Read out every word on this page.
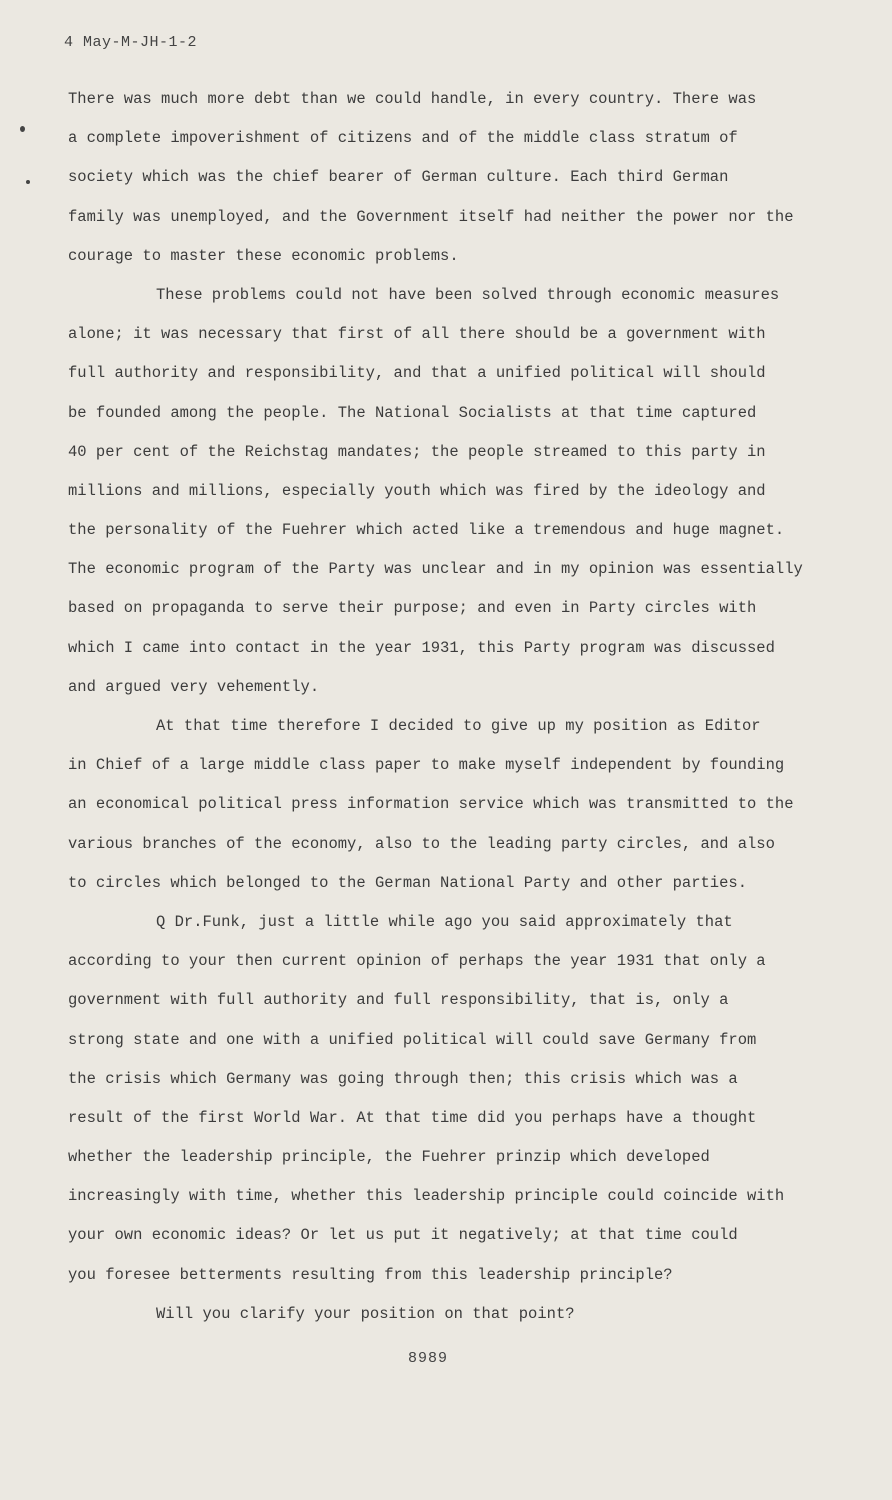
4 May-M-JH-1-2
There was much more debt than we could handle, in every country. There was
a complete impoverishment of citizens and of the middle class stratum of
society which was the chief bearer of German culture. Each third German
family was unemployed, and the Government itself had neither the power nor the
courage to master these economic problems.
These problems could not have been solved through economic measures
alone; it was necessary that first of all there should be a government with
full authority and responsibility, and that a unified political will should
be founded among the people. The National Socialists at that time captured
40 per cent of the Reichstag mandates; the people streamed to this party in
millions and millions, especially youth which was fired by the ideology and
the personality of the Fuehrer which acted like a tremendous and huge magnet.
The economic program of the Party was unclear and in my opinion was essentially
based on propaganda to serve their purpose; and even in Party circles with
which I came into contact in the year 1931, this Party program was discussed
and argued very vehemently.
At that time therefore I decided to give up my position as Editor
in Chief of a large middle class paper to make myself independent by founding
an economical political press information service which was transmitted to the
various branches of the economy, also to the leading party circles, and also
to circles which belonged to the German National Party and other parties.
Q Dr.Funk, just a little while ago you said approximately that
according to your then current opinion of perhaps the year 1931 that only a
government with full authority and full responsibility, that is, only a
strong state and one with a unified political will could save Germany from
the crisis which Germany was going through then; this crisis which was a
result of the first World War. At that time did you perhaps have a thought
whether the leadership principle, the Fuehrer prinzip which developed
increasingly with time, whether this leadership principle could coincide with
your own economic ideas? Or let us put it negatively; at that time could
you foresee betterments resulting from this leadership principle?
Will you clarify your position on that point?
8989
